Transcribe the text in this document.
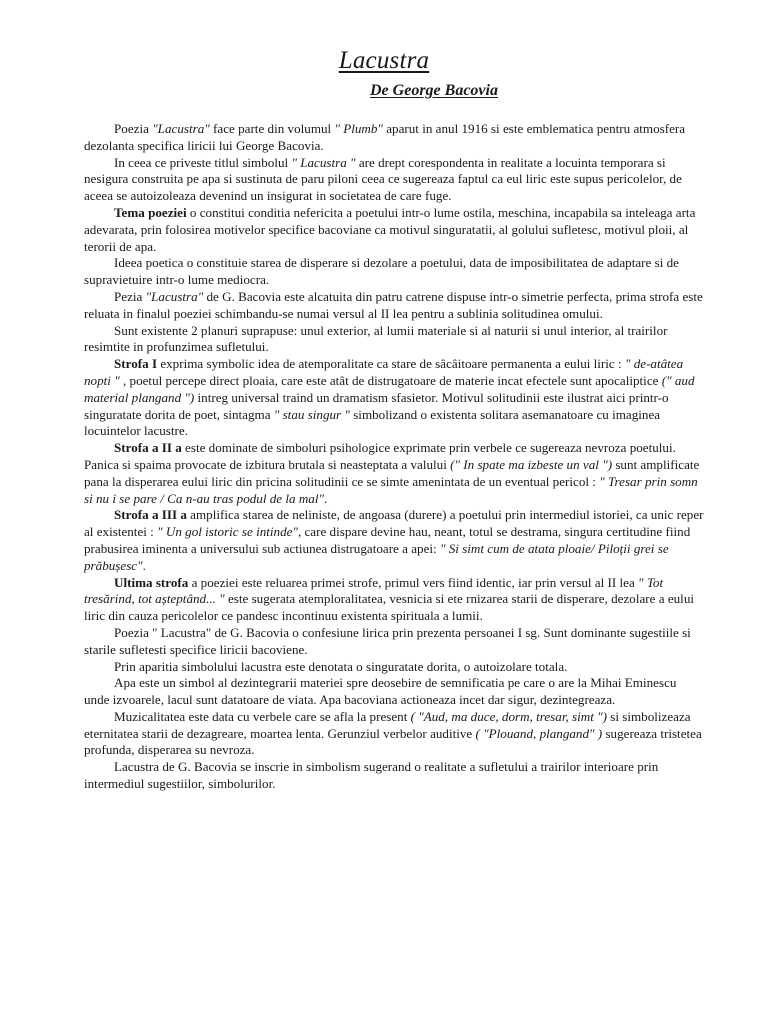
Lacustra
De George Bacovia

Poezia "Lacustra" face parte din volumul " Plumb" aparut in anul 1916 si este emblematica pentru atmosfera dezolanta specifica liricii lui George Bacovia.

In ceea ce priveste titlul simbolul " Lacustra " are drept corespondenta in realitate a locuinta temporara si nesigura construita pe apa si sustinuta de paru piloni ceea ce sugereaza faptul ca eul liric este supus pericolelor, de aceea se autoizoleaza devenind un insigurat in societatea de care fuge.

Tema poeziei o constitui conditia nefericita a poetului intr-o lume ostila, meschina, incapabila sa inteleaga arta adevarata, prin folosirea motivelor specifice bacoviane ca motivul singuratatii, al golului sufletesc, motivul ploii, al terorii de apa.

Ideea poetica o constituie starea de disperare si dezolare a poetului, data de imposibilitatea de adaptare si de supravietuire intr-o lume mediocra.

Pezia "Lacustra" de G. Bacovia este alcatuita din patru catrene dispuse intr-o simetrie perfecta, prima strofa este reluata in finalul poeziei schimbandu-se numai versul al II lea pentru a sublinia solitudinea omului.

Sunt existente 2 planuri suprapuse: unul exterior, al lumii materiale si al naturii si unul interior, al trairilor resimtite in profunzimea sufletului.

Strofa I exprima symbolic idea de atemporalitate ca stare de sâcâitoare permanenta a eului liric : " de-atâtea nopti " , poetul percepe direct ploaia, care este atât de distrugatoare de materie incat efectele sunt apocaliptice (" aud material plangand ") intreg universal traind un dramatism sfasietor. Motivul solitudinii este ilustrat aici printr-o singuratate dorita de poet, sintagma " stau singur " simbolizand o existenta solitara asemanatoare cu imaginea locuintelor lacustre.

Strofa a II a este dominate de simboluri psihologice exprimate prin verbele ce sugereaza nevroza poetului. Panica si spaima provocate de izbitura brutala si neasteptata a valului (" In spate ma izbeste un val ") sunt amplificate pana la disperarea eului liric din pricina solitudinii ce se simte amenintata de un eventual pericol : " Tresar prin somn si nu i se pare / Ca n-au tras podul de la mal".

Strofa a III a amplifica starea de neliniste, de angoasa (durere) a poetului prin intermediul istoriei, ca unic reper al existentei : " Un gol istoric se intinde", care dispare devine hau, neant, totul se destrama, singura certitudine fiind prabusirea iminenta a universului sub actiunea distrugatoare a apei: " Si simt cum de atata ploaie/ Piloții grei se prăbușesc".

Ultima strofa a poeziei este reluarea primei strofe, primul vers fiind identic, iar prin versul al II lea " Tot tresărind, tot așteptând... " este sugerata atemploralitatea, vesnicia si ete rnizarea starii de disperare, dezolare a eului liric din cauza pericolelor ce pandesc incontinuu existenta spirituala a lumii.

Poezia " Lacustra" de G. Bacovia o confesiune lirica prin prezenta persoanei I sg. Sunt dominante sugestiile si starile sufletesti specifice liricii bacoviene.

Prin aparitia simbolului lacustra este denotata o singuratate dorita, o autoizolare totala.

Apa este un simbol al dezintegrarii materiei spre deosebire de semnificatia pe care o are la Mihai Eminescu unde izvoarele, lacul sunt datatoare de viata. Apa bacoviana actioneaza incet dar sigur, dezintegreaza.

Muzicalitatea este data cu verbele care se afla la present ( "Aud, ma duce, dorm, tresar, simt ") si simbolizeaza eternitatea starii de dezagreare, moartea lenta. Gerunziul verbelor auditive ( "Plouand, plangand" ) sugereaza tristetea profunda, disperarea su nevroza.

Lacustra de G. Bacovia se inscrie in simbolism sugerand o realitate a sufletului a trairilor interioare prin intermediul sugestiilor, simbolurilor.
